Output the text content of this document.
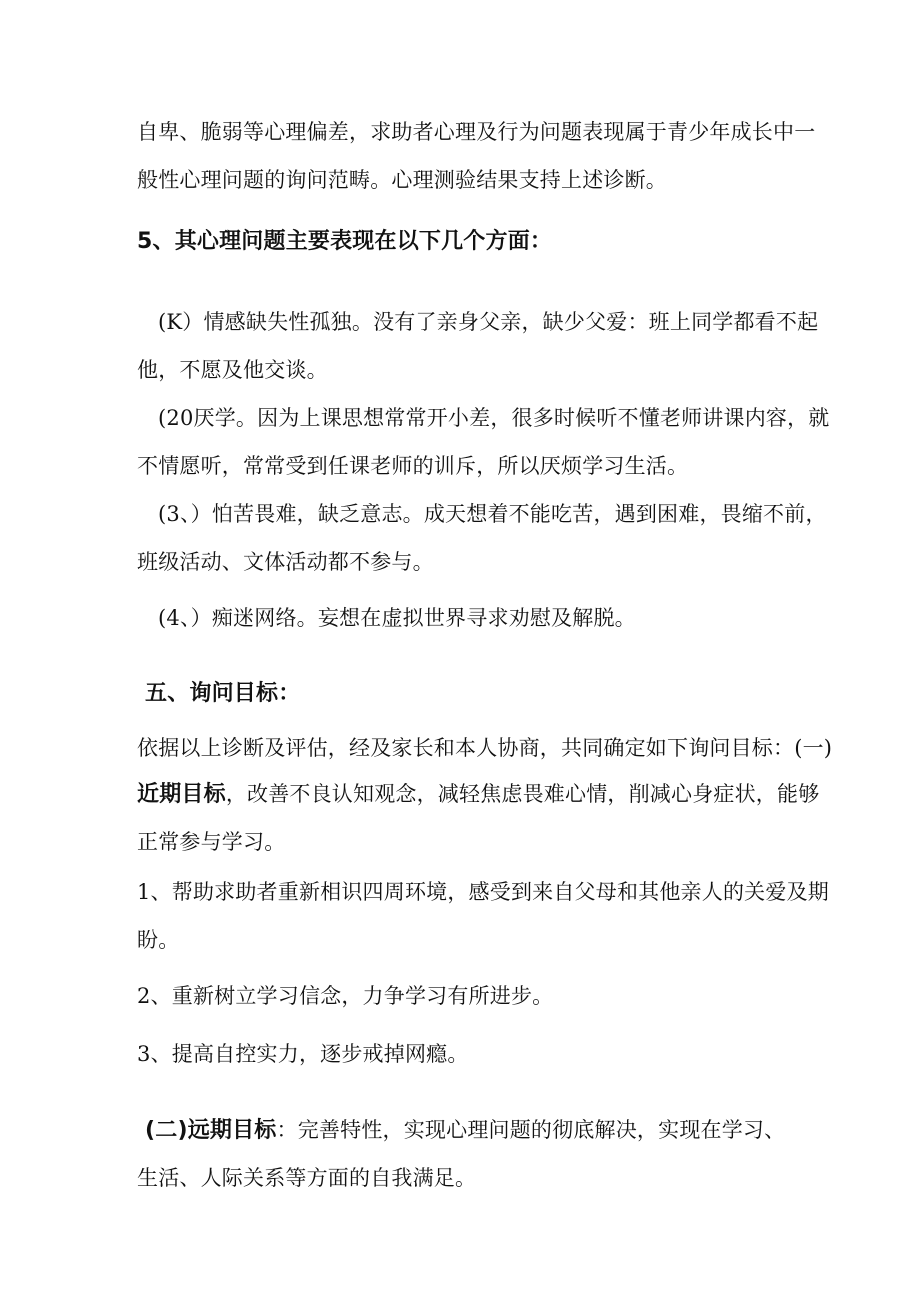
自卑、脆弱等心理偏差，求助者心理及行为问题表现属于青少年成长中一
般性心理问题的询问范畴。心理测验结果支持上述诊断。
5、其心理问题主要表现在以下几个方面：
(K）情感缺失性孤独。没有了亲身父亲，缺少父爱：班上同学都看不起
他，不愿及他交谈。
(20厌学。因为上课思想常常开小差，很多时候听不懂老师讲课内容，就
不情愿听，常常受到任课老师的训斥，所以厌烦学习生活。
(3、）怕苦畏难，缺乏意志。成天想着不能吃苦，遇到困难，畏缩不前，
班级活动、文体活动都不参与。
(4、）痴迷网络。妄想在虚拟世界寻求劝慰及解脱。
五、询问目标：
依据以上诊断及评估，经及家长和本人协商，共同确定如下询问目标：(一)
近期目标，改善不良认知观念，减轻焦虑畏难心情，削减心身症状，能够
正常参与学习。
1、帮助求助者重新相识四周环境，感受到来自父母和其他亲人的关爱及期
盼。
2、重新树立学习信念，力争学习有所进步。
3、提高自控实力，逐步戒掉网瘾。
(二)远期目标：完善特性，实现心理问题的彻底解决，实现在学习、
生活、人际关系等方面的自我满足。
